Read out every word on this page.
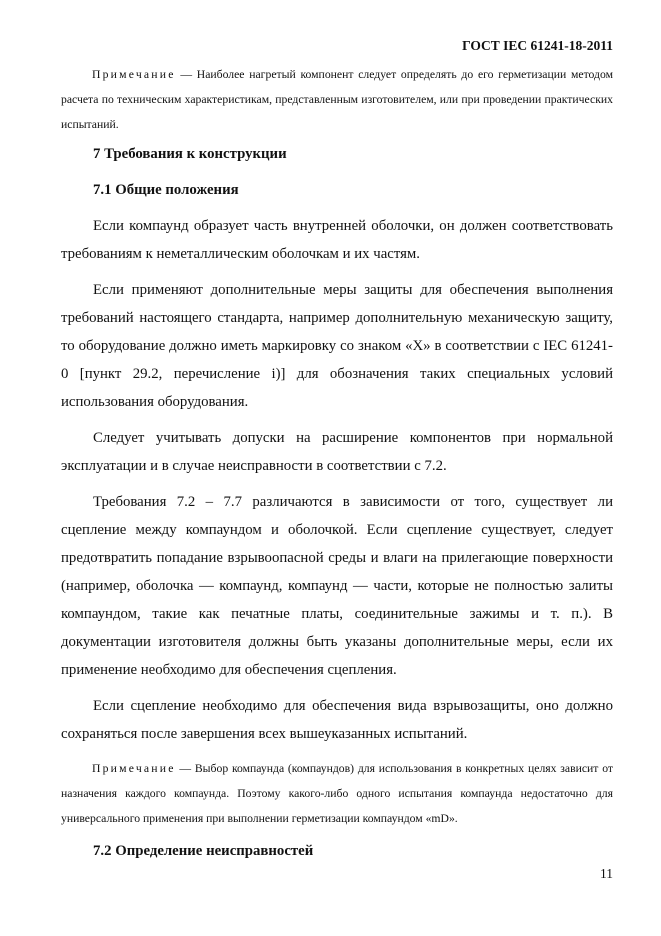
ГОСТ IEC 61241-18-2011

Примечание — Наиболее нагретый компонент следует определять до его герметизации методом расчета по техническим характеристикам, представленным изготовителем, или при проведении практических испытаний.

7 Требования к конструкции
7.1 Общие положения

Если компаунд образует часть внутренней оболочки, он должен соответствовать требованиям к неметаллическим оболочкам и их частям.

Если применяют дополнительные меры защиты для обеспечения выполнения требований настоящего стандарта, например дополнительную механическую защиту, то оборудование должно иметь маркировку со знаком «Х» в соответствии с IEC 61241-0 [пункт 29.2, перечисление i)] для обозначения таких специальных условий использования оборудования.

Следует учитывать допуски на расширение компонентов при нормальной эксплуатации и в случае неисправности в соответствии с 7.2.

Требования 7.2 – 7.7 различаются в зависимости от того, существует ли сцепление между компаундом и оболочкой. Если сцепление существует, следует предотвратить попадание взрывоопасной среды и влаги на прилегающие поверхности (например, оболочка — компаунд, компаунд — части, которые не полностью залиты компаундом, такие как печатные платы, соединительные зажимы и т. п.). В документации изготовителя должны быть указаны дополнительные меры, если их применение необходимо для обеспечения сцепления.

Если сцепление необходимо для обеспечения вида взрывозащиты, оно должно сохраняться после завершения всех вышеуказанных испытаний.

Примечание — Выбор компаунда (компаундов) для использования в конкретных целях зависит от назначения каждого компаунда. Поэтому какого-либо одного испытания компаунда недостаточно для универсального применения при выполнении герметизации компаундом «mD».

7.2 Определение неисправностей
11
